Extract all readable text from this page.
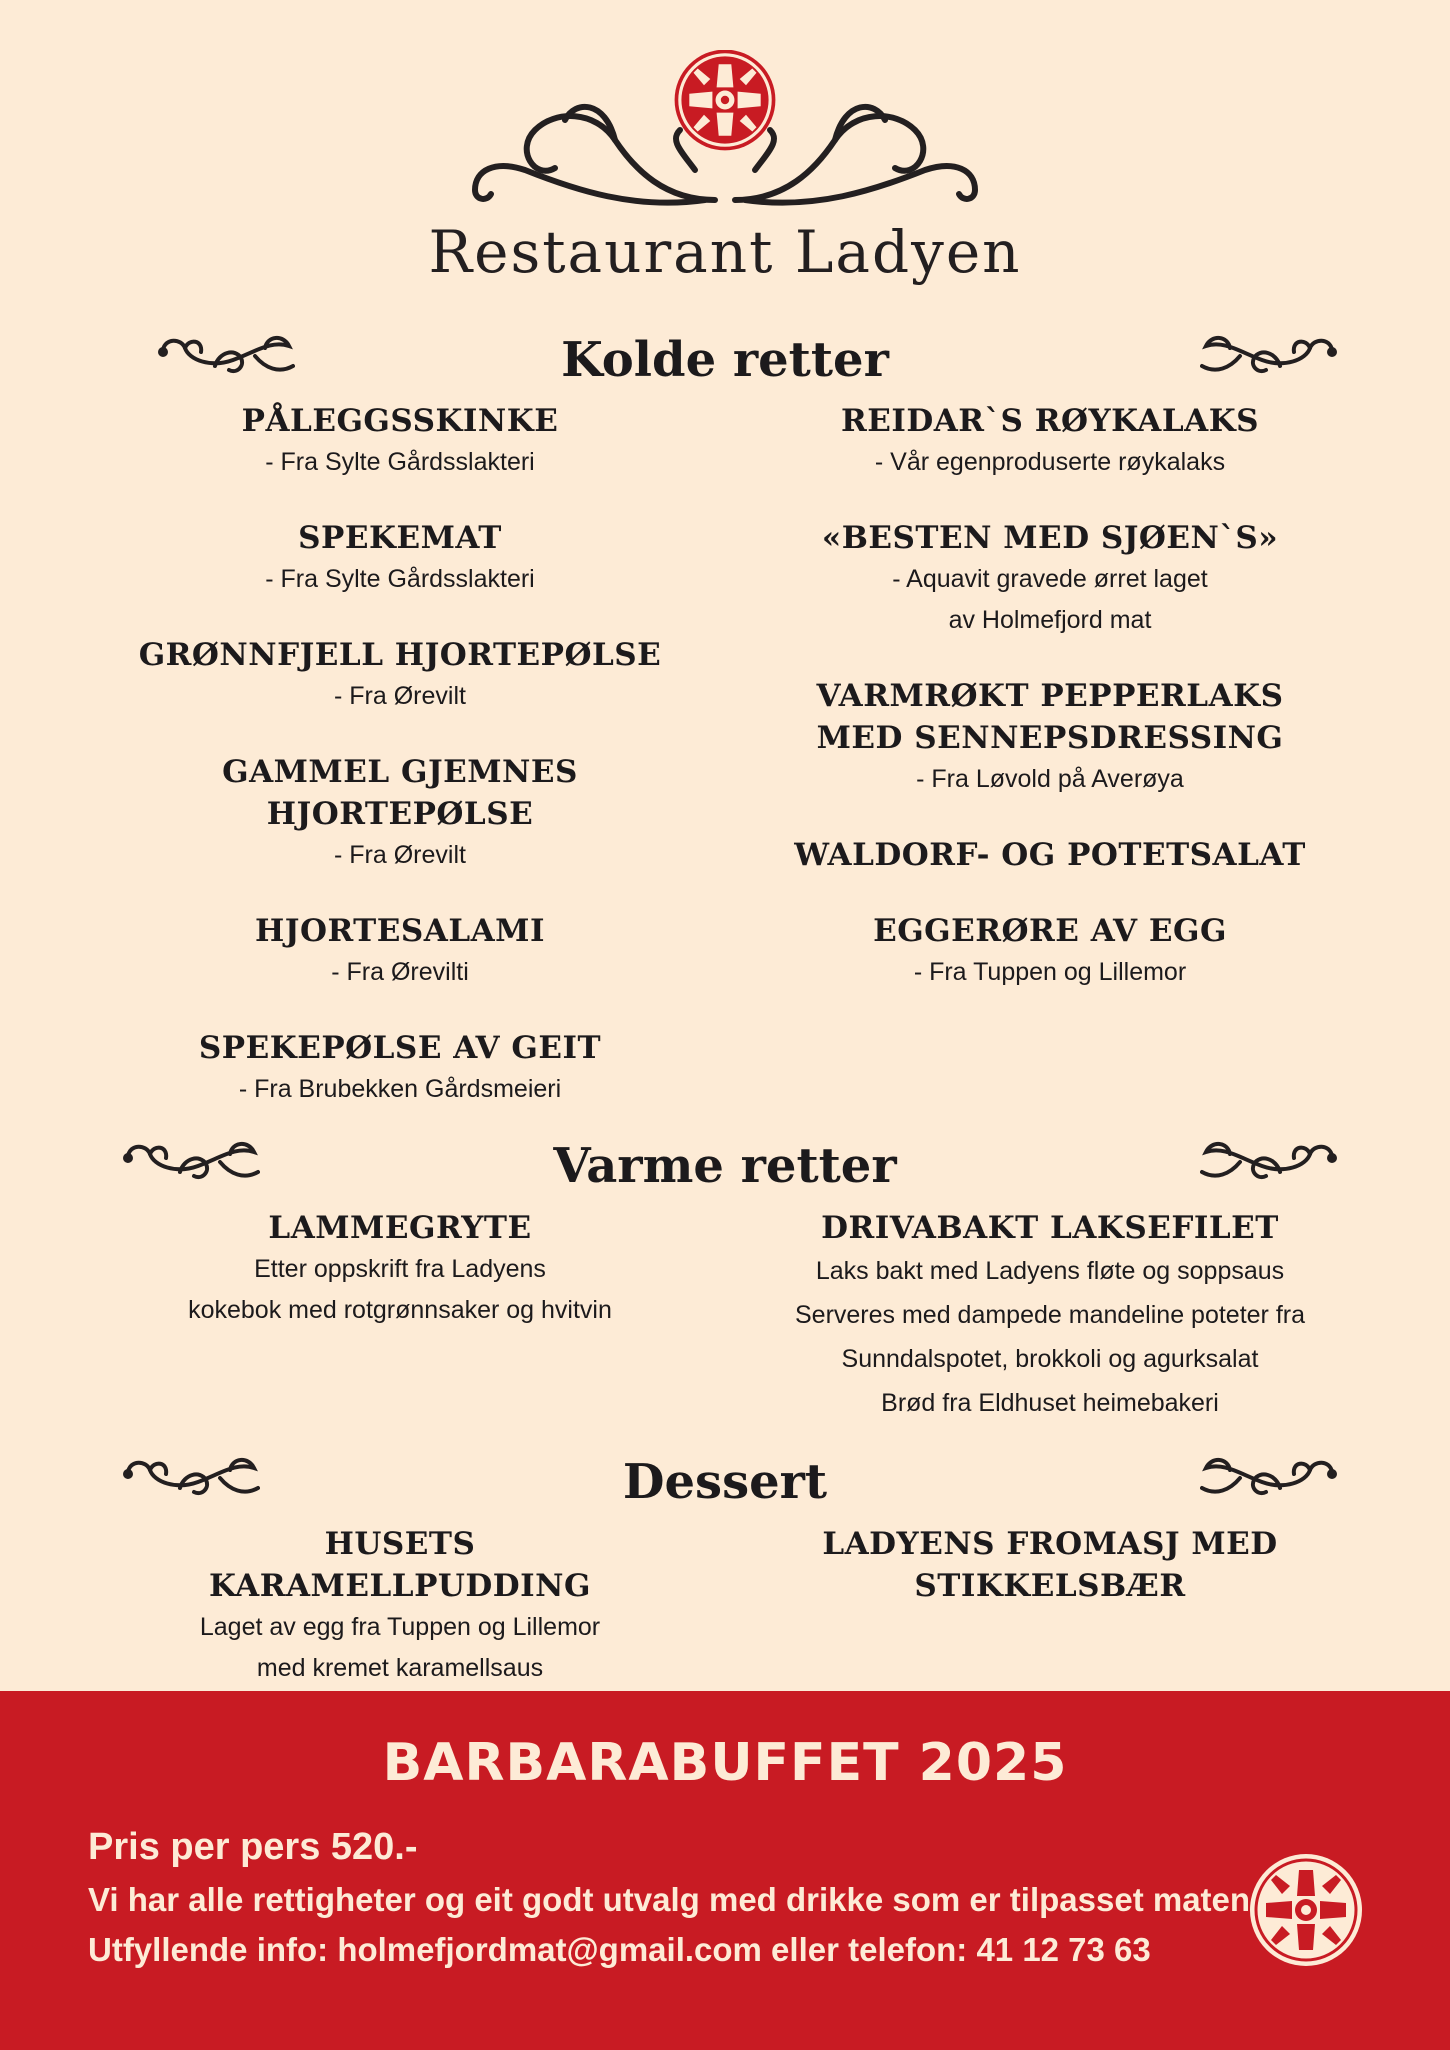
Restaurant Ladyen
Kolde retter
PÅLEGGSSKINKE
- Fra Sylte Gårdsslakteri
SPEKEMAT
- Fra Sylte Gårdsslakteri
GRØNNFJELL HJORTEPØLSE
- Fra Ørevilt
GAMMEL GJEMNES HJORTEPØLSE
- Fra Ørevilt
HJORTESALAMI
- Fra Ørevilti
SPEKEPØLSE AV GEIT
- Fra Brubekken Gårdsmeieri
REIDAR`S RØYKALAKS
- Vår egenproduserte røykalaks
«BESTEN MED SJØEN`S»
- Aquavit gravede ørret laget
av Holmefjord mat
VARMRØKT PEPPERLAKS
MED SENNEPSDRESSING
- Fra Løvold på Averøya
WALDORF- OG POTETSALAT
EGGERØRE AV EGG
- Fra Tuppen og Lillemor
Varme retter
LAMMEGRYTE
Etter oppskrift fra Ladyens
kokebok med rotgrønnsaker og hvitvin
DRIVABAKT LAKSEFILET
Laks bakt med Ladyens fløte og soppsaus
Serveres med dampede mandeline poteter fra
Sunndalspotet, brokkoli og agurksalat
Brød fra Eldhuset heimebakeri
Dessert
HUSETS KARAMELLPUDDING
Laget av egg fra Tuppen og Lillemor
med kremet karamellsaus
LADYENS FROMASJ MED STIKKELSBÆR
BARBARABUFFET 2025
Pris per pers 520.-
Vi har alle rettigheter og eit godt utvalg med drikke som er tilpasset maten
Utfyllende info: holmefjordmat@gmail.com eller telefon: 41 12 73 63
